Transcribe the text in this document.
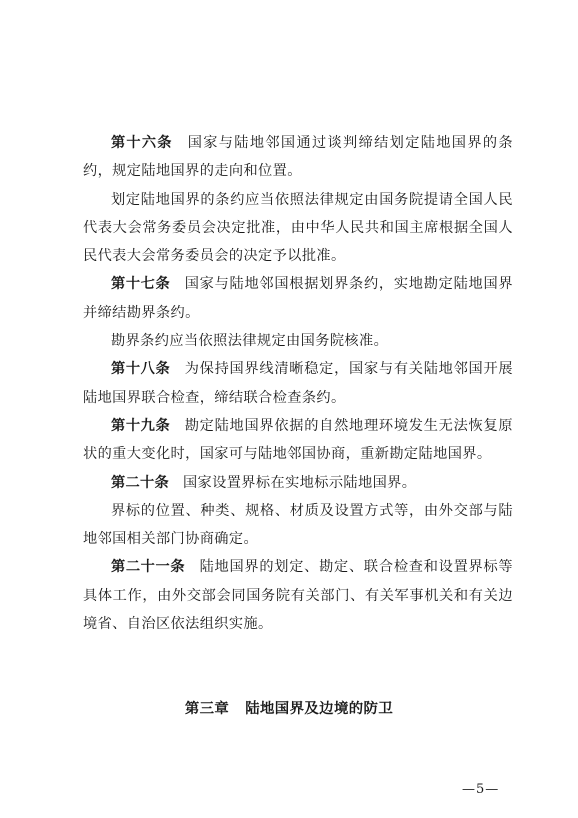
第十六条 国家与陆地邻国通过谈判缔结划定陆地国界的条约，规定陆地国界的走向和位置。

划定陆地国界的条约应当依照法律规定由国务院提请全国人民代表大会常务委员会决定批准，由中华人民共和国主席根据全国人民代表大会常务委员会的决定予以批准。

第十七条 国家与陆地邻国根据划界条约，实地勘定陆地国界并缔结勘界条约。

勘界条约应当依照法律规定由国务院核准。

第十八条 为保持国界线清晰稳定，国家与有关陆地邻国开展陆地国界联合检查，缔结联合检查条约。

第十九条 勘定陆地国界依据的自然地理环境发生无法恢复原状的重大变化时，国家可与陆地邻国协商，重新勘定陆地国界。

第二十条 国家设置界标在实地标示陆地国界。

界标的位置、种类、规格、材质及设置方式等，由外交部与陆地邻国相关部门协商确定。

第二十一条 陆地国界的划定、勘定、联合检查和设置界标等具体工作，由外交部会同国务院有关部门、有关军事机关和有关边境省、自治区依法组织实施。

第三章 陆地国界及边境的防卫
—5—
